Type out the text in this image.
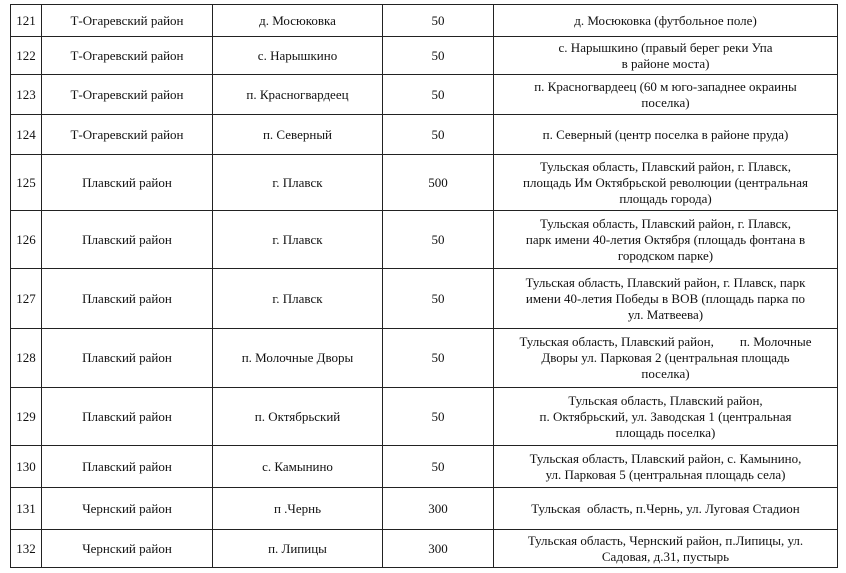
121	Т-Огаревский район	д. Мосюковка	50	д. Мосюковка (футбольное поле)
122	Т-Огаревский район	с. Нарышкино	50	с. Нарышкино (правый берег реки Упа
в районе моста)
123	Т-Огаревский район	п. Красногвардеец	50	п. Красногвардеец (60 м юго-западнее окраины
поселка)
124	Т-Огаревский район	п. Северный	50	п. Северный (центр поселка в районе пруда)
125	Плавский район	г. Плавск	500	Тульская область, Плавский район, г. Плавск,
площадь Им Октябрьской революции (центральная
площадь города)
126	Плавский район	г. Плавск	50	Тульская область, Плавский район, г. Плавск,
парк имени 40-летия Октября (площадь фонтана в
городском парке)
127	Плавский район	г. Плавск	50	Тульская область, Плавский район, г. Плавск, парк
имени 40-летия Победы в ВОВ (площадь парка по
ул. Матвеева)
128	Плавский район	п. Молочные Дворы	50	Тульская область, Плавский район,        п. Молочные
Дворы ул. Парковая 2 (центральная площадь
поселка)
129	Плавский район	п. Октябрьский	50	Тульская область, Плавский район,
п. Октябрьский, ул. Заводская 1 (центральная
площадь поселка)
130	Плавский район	с. Камынино	50	Тульская область, Плавский район, с. Камынино,
ул. Парковая 5 (центральная площадь села)
131	Чернский район	п .Чернь	300	Тульская  область, п.Чернь, ул. Луговая Стадион
132	Чернский район	п. Липицы	300	Тульская область, Чернский район, п.Липицы, ул.
Садовая, д.31, пустырь
